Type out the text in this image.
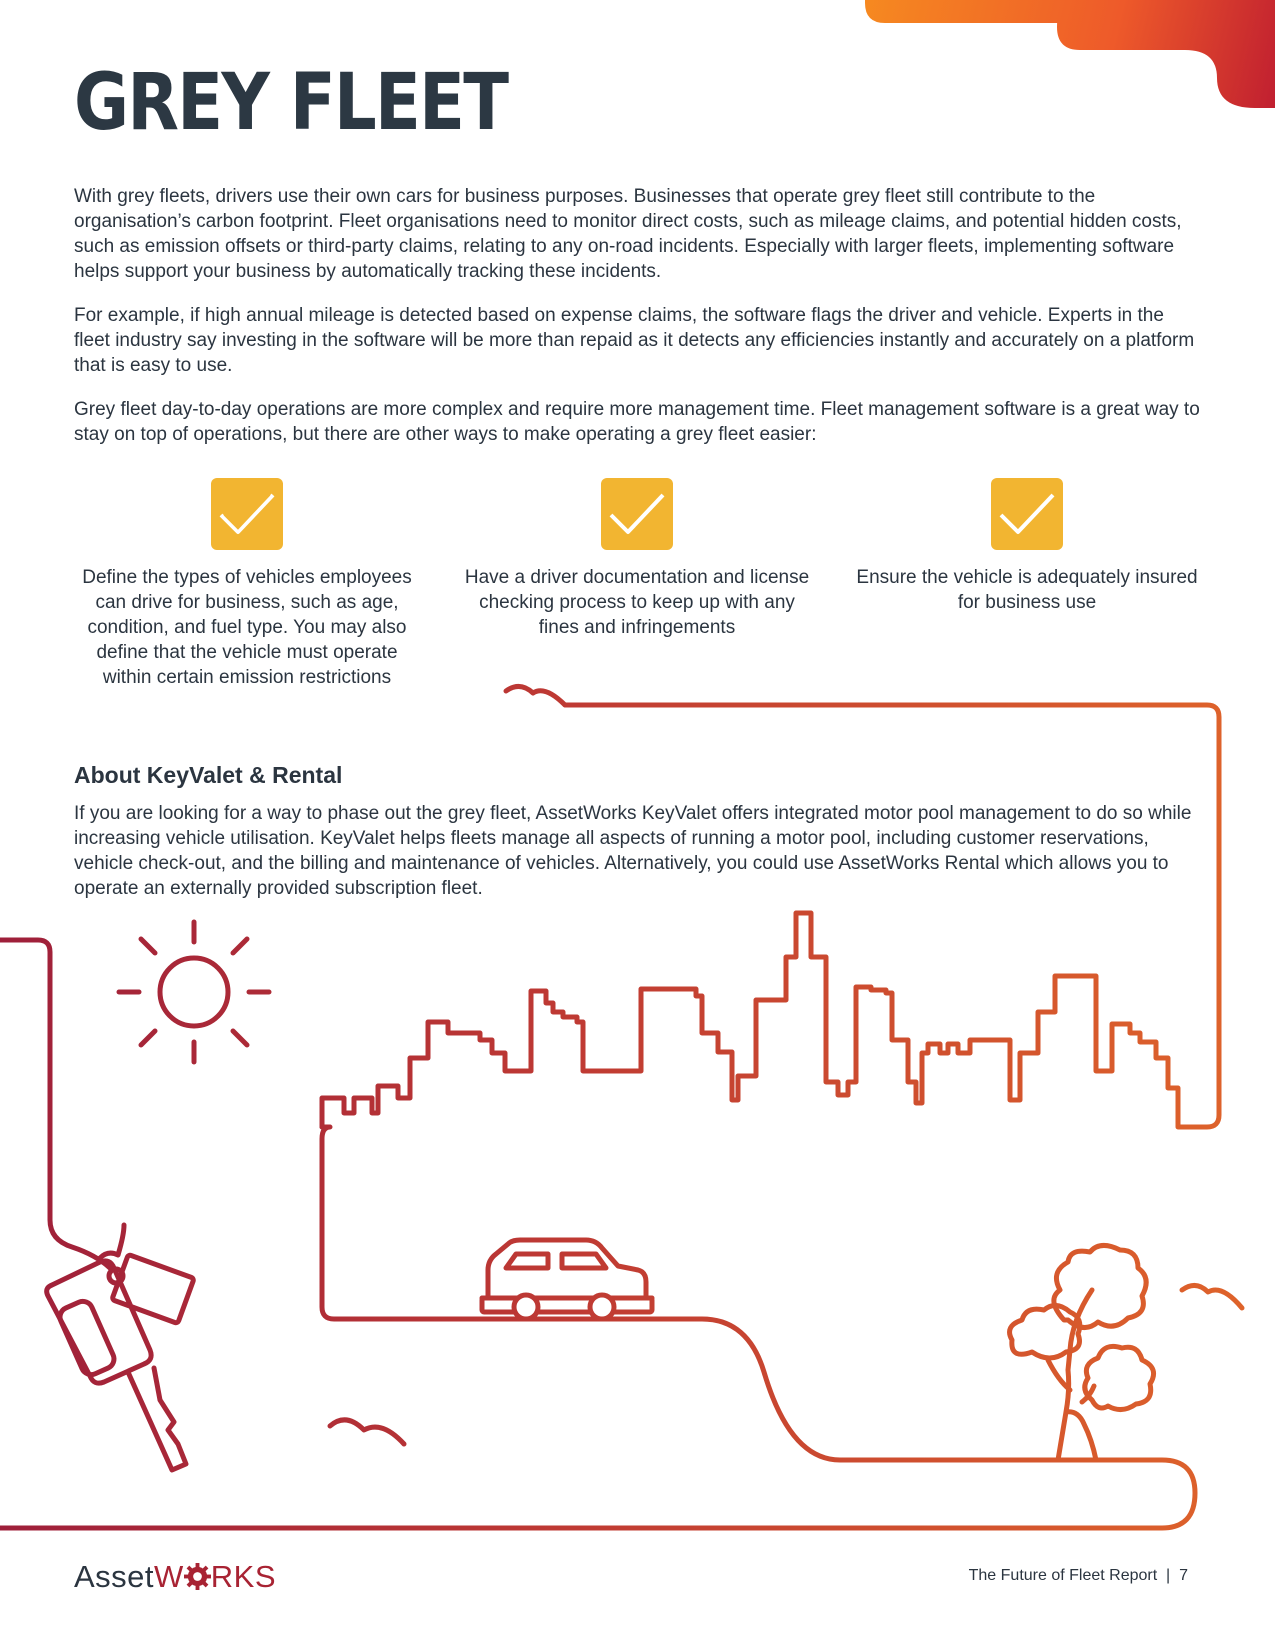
GREY FLEET

With grey fleets, drivers use their own cars for business purposes. Businesses that operate grey fleet still contribute to the organisation’s carbon footprint. Fleet organisations need to monitor direct costs, such as mileage claims, and potential hidden costs, such as emission offsets or third-party claims, relating to any on-road incidents. Especially with larger fleets, implementing software helps support your business by automatically tracking these incidents.

For example, if high annual mileage is detected based on expense claims, the software flags the driver and vehicle. Experts in the fleet industry say investing in the software will be more than repaid as it detects any efficiencies instantly and accurately on a platform that is easy to use.

Grey fleet day-to-day operations are more complex and require more management time. Fleet management software is a great way to stay on top of operations, but there are other ways to make operating a grey fleet easier:

Define the types of vehicles employees can drive for business, such as age, condition, and fuel type. You may also define that the vehicle must operate within certain emission restrictions
Have a driver documentation and license checking process to keep up with any fines and infringements
Ensure the vehicle is adequately insured for business use
About KeyValet & Rental

If you are looking for a way to phase out the grey fleet, AssetWorks KeyValet offers integrated motor pool management to do so while increasing vehicle utilisation. KeyValet helps fleets manage all aspects of running a motor pool, including customer reservations, vehicle check-out, and the billing and maintenance of vehicles. Alternatively, you could use AssetWorks Rental which allows you to operate an externally provided subscription fleet.

AssetW RKS	The Future of Fleet Report | 7
